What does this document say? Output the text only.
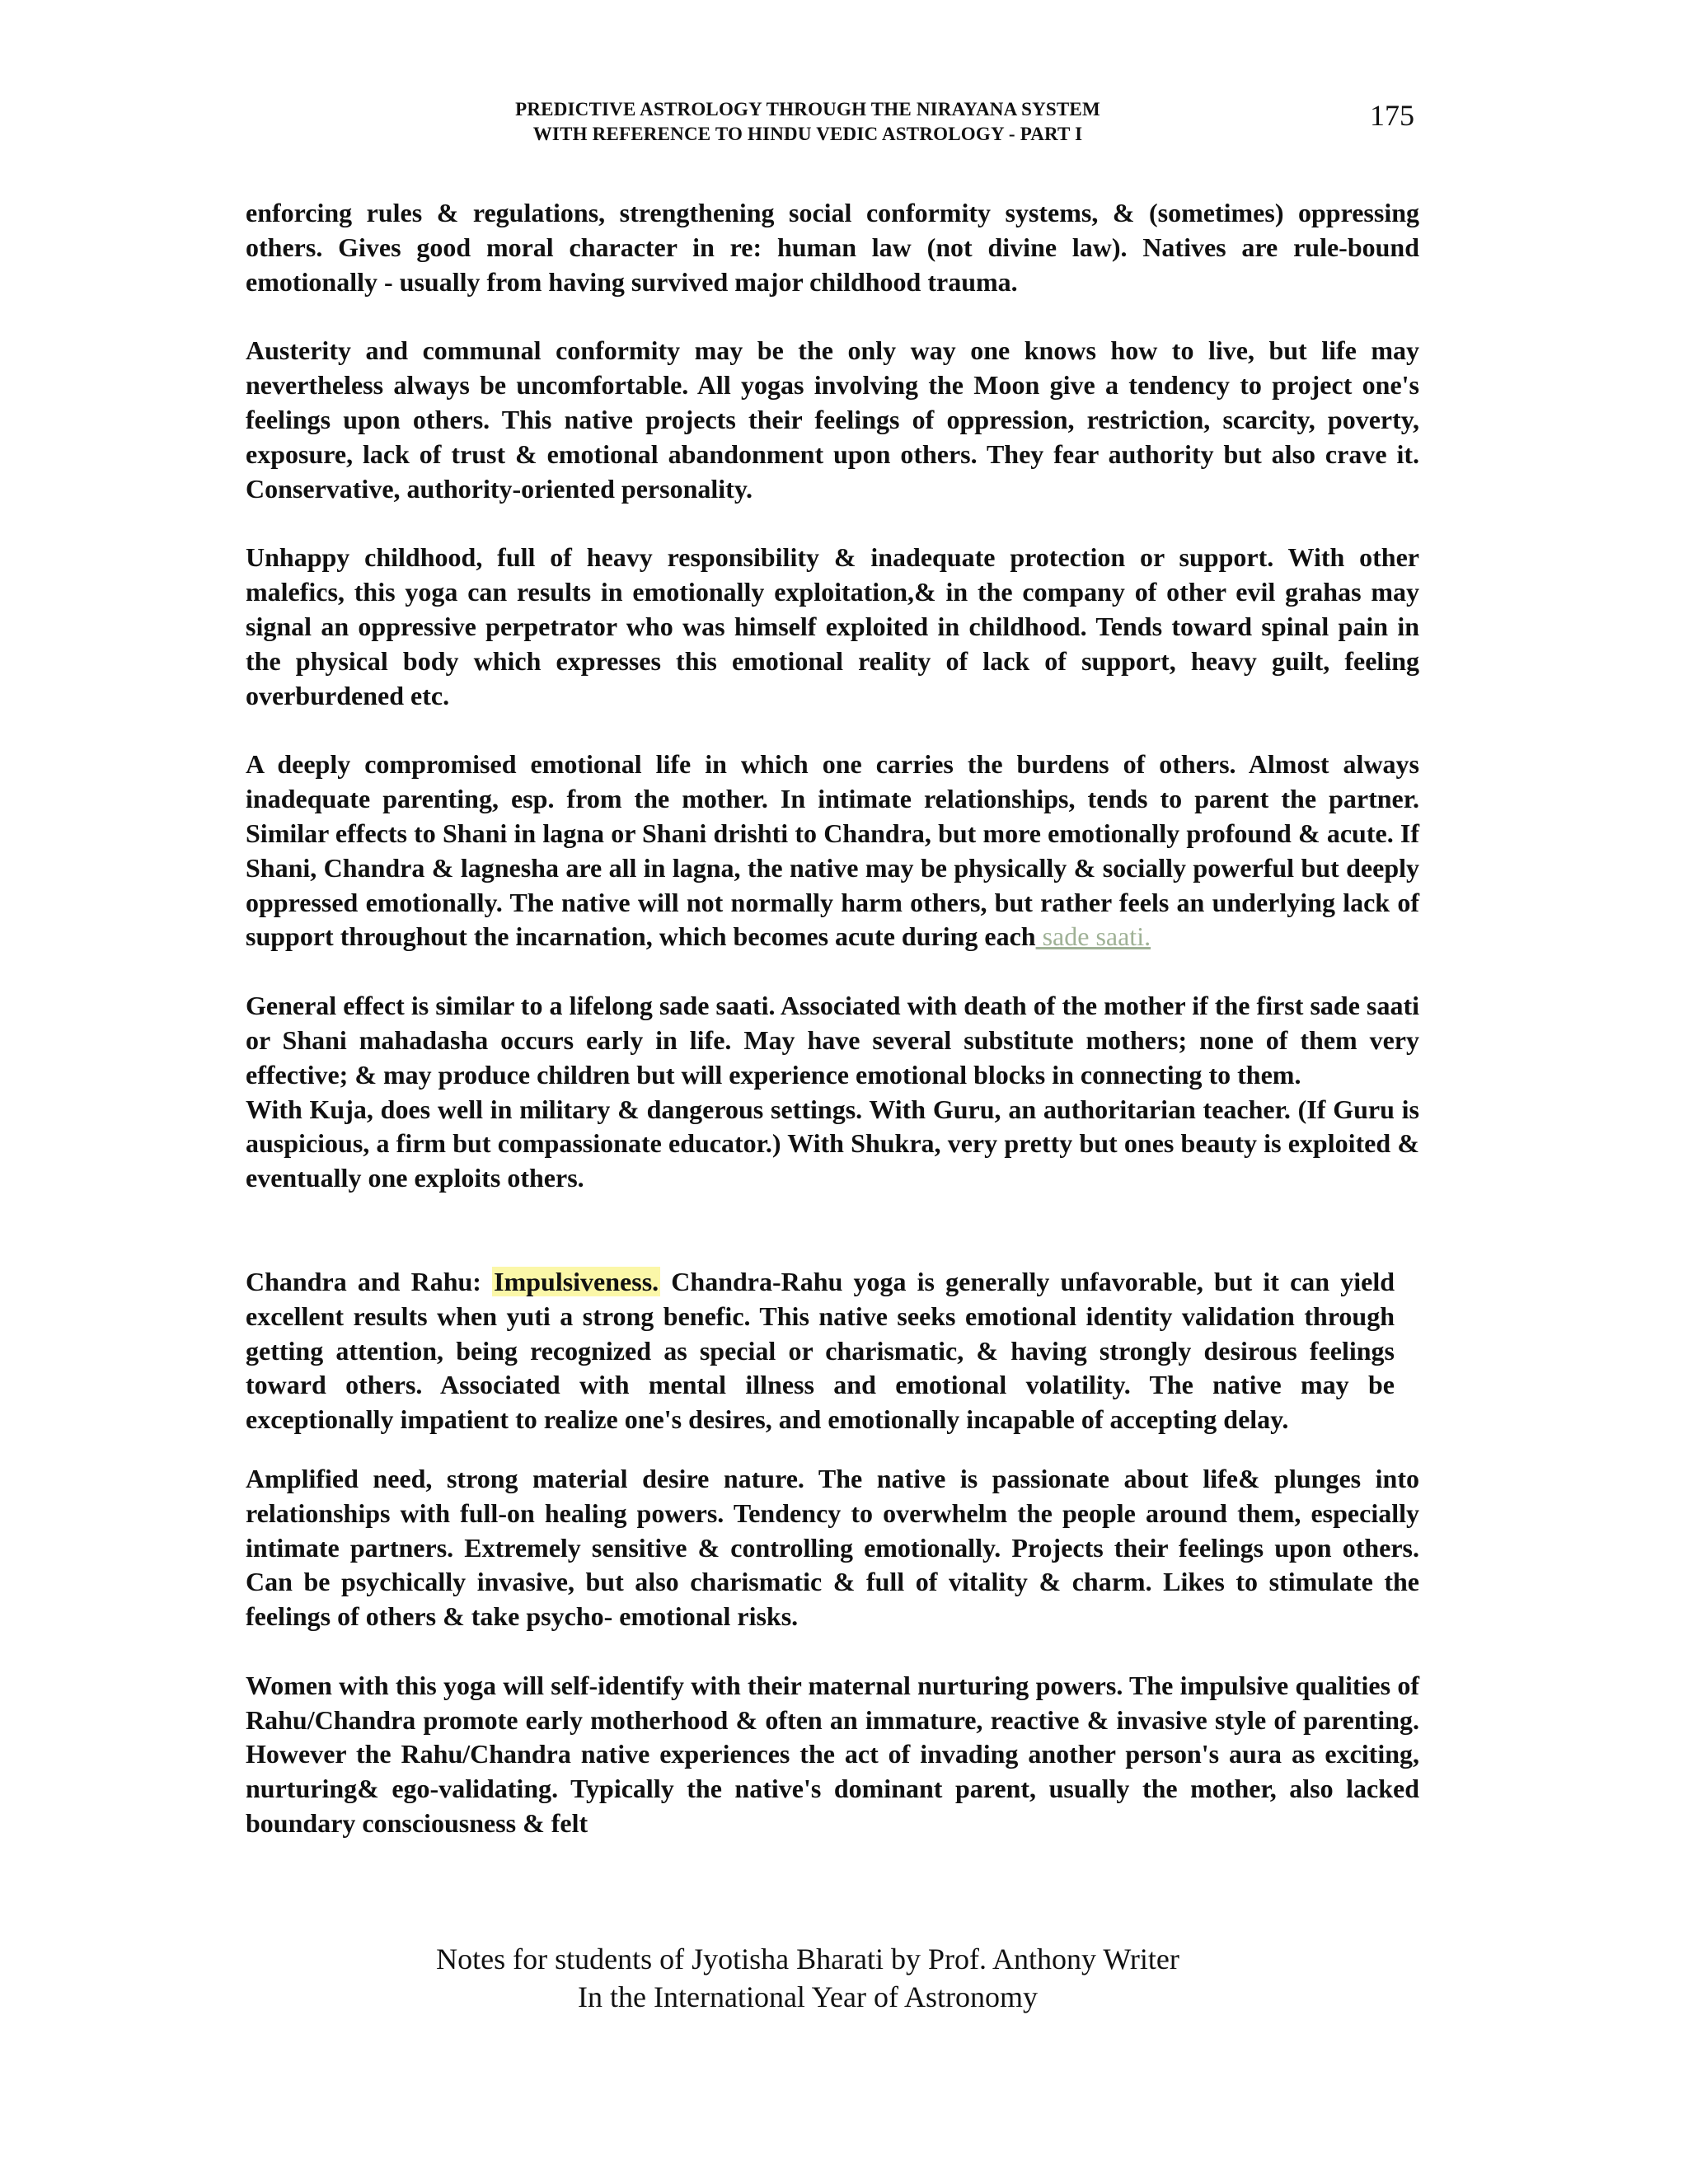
PREDICTIVE ASTROLOGY THROUGH THE NIRAYANA SYSTEM
WITH REFERENCE TO HINDU VEDIC ASTROLOGY - PART I
175

enforcing rules & regulations, strengthening social conformity systems, & (sometimes) oppressing others. Gives good moral character in re: human law (not divine law). Natives are rule-bound emotionally - usually from having survived major childhood trauma.

Austerity and communal conformity may be the only way one knows how to live, but life may nevertheless always be uncomfortable. All yogas involving the Moon give a tendency to project one's feelings upon others. This native projects their feelings of oppression, restriction, scarcity, poverty, exposure, lack of trust & emotional abandonment upon others. They fear authority but also crave it. Conservative, authority-oriented personality.

Unhappy childhood, full of heavy responsibility & inadequate protection or support. With other malefics, this yoga can results in emotionally exploitation,& in the company of other evil grahas may signal an oppressive perpetrator who was himself exploited in childhood. Tends toward spinal pain in the physical body which expresses this emotional reality of lack of support, heavy guilt, feeling overburdened etc.

A deeply compromised emotional life in which one carries the burdens of others. Almost always inadequate parenting, esp. from the mother. In intimate relationships, tends to parent the partner. Similar effects to Shani in lagna or Shani drishti to Chandra, but more emotionally profound & acute. If Shani, Chandra & lagnesha are all in lagna, the native may be physically & socially powerful but deeply oppressed emotionally. The native will not normally harm others, but rather feels an underlying lack of support throughout the incarnation, which becomes acute during each sade saati.

General effect is similar to a lifelong sade saati. Associated with death of the mother if the first sade saati or Shani mahadasha occurs early in life. May have several substitute mothers; none of them very effective; & may produce children but will experience emotional blocks in connecting to them.

With Kuja, does well in military & dangerous settings. With Guru, an authoritarian teacher. (If Guru is auspicious, a firm but compassionate educator.) With Shukra, very pretty but ones beauty is exploited & eventually one exploits others.

Chandra and Rahu: Impulsiveness. Chandra-Rahu yoga is generally unfavorable, but it can yield excellent results when yuti a strong benefic. This native seeks emotional identity validation through getting attention, being recognized as special or charismatic, & having strongly desirous feelings toward others. Associated with mental illness and emotional volatility. The native may be exceptionally impatient to realize one's desires, and emotionally incapable of accepting delay.

Amplified need, strong material desire nature. The native is passionate about life& plunges into relationships with full-on healing powers. Tendency to overwhelm the people around them, especially intimate partners. Extremely sensitive & controlling emotionally. Projects their feelings upon others. Can be psychically invasive, but also charismatic & full of vitality & charm. Likes to stimulate the feelings of others & take psycho- emotional risks.

Women with this yoga will self-identify with their maternal nurturing powers. The impulsive qualities of Rahu/Chandra promote early motherhood & often an immature, reactive & invasive style of parenting. However the Rahu/Chandra native experiences the act of invading another person's aura as exciting, nurturing& ego-validating. Typically the native's dominant parent, usually the mother, also lacked boundary consciousness & felt

Notes for students of Jyotisha Bharati by Prof. Anthony Writer
In the International Year of Astronomy
